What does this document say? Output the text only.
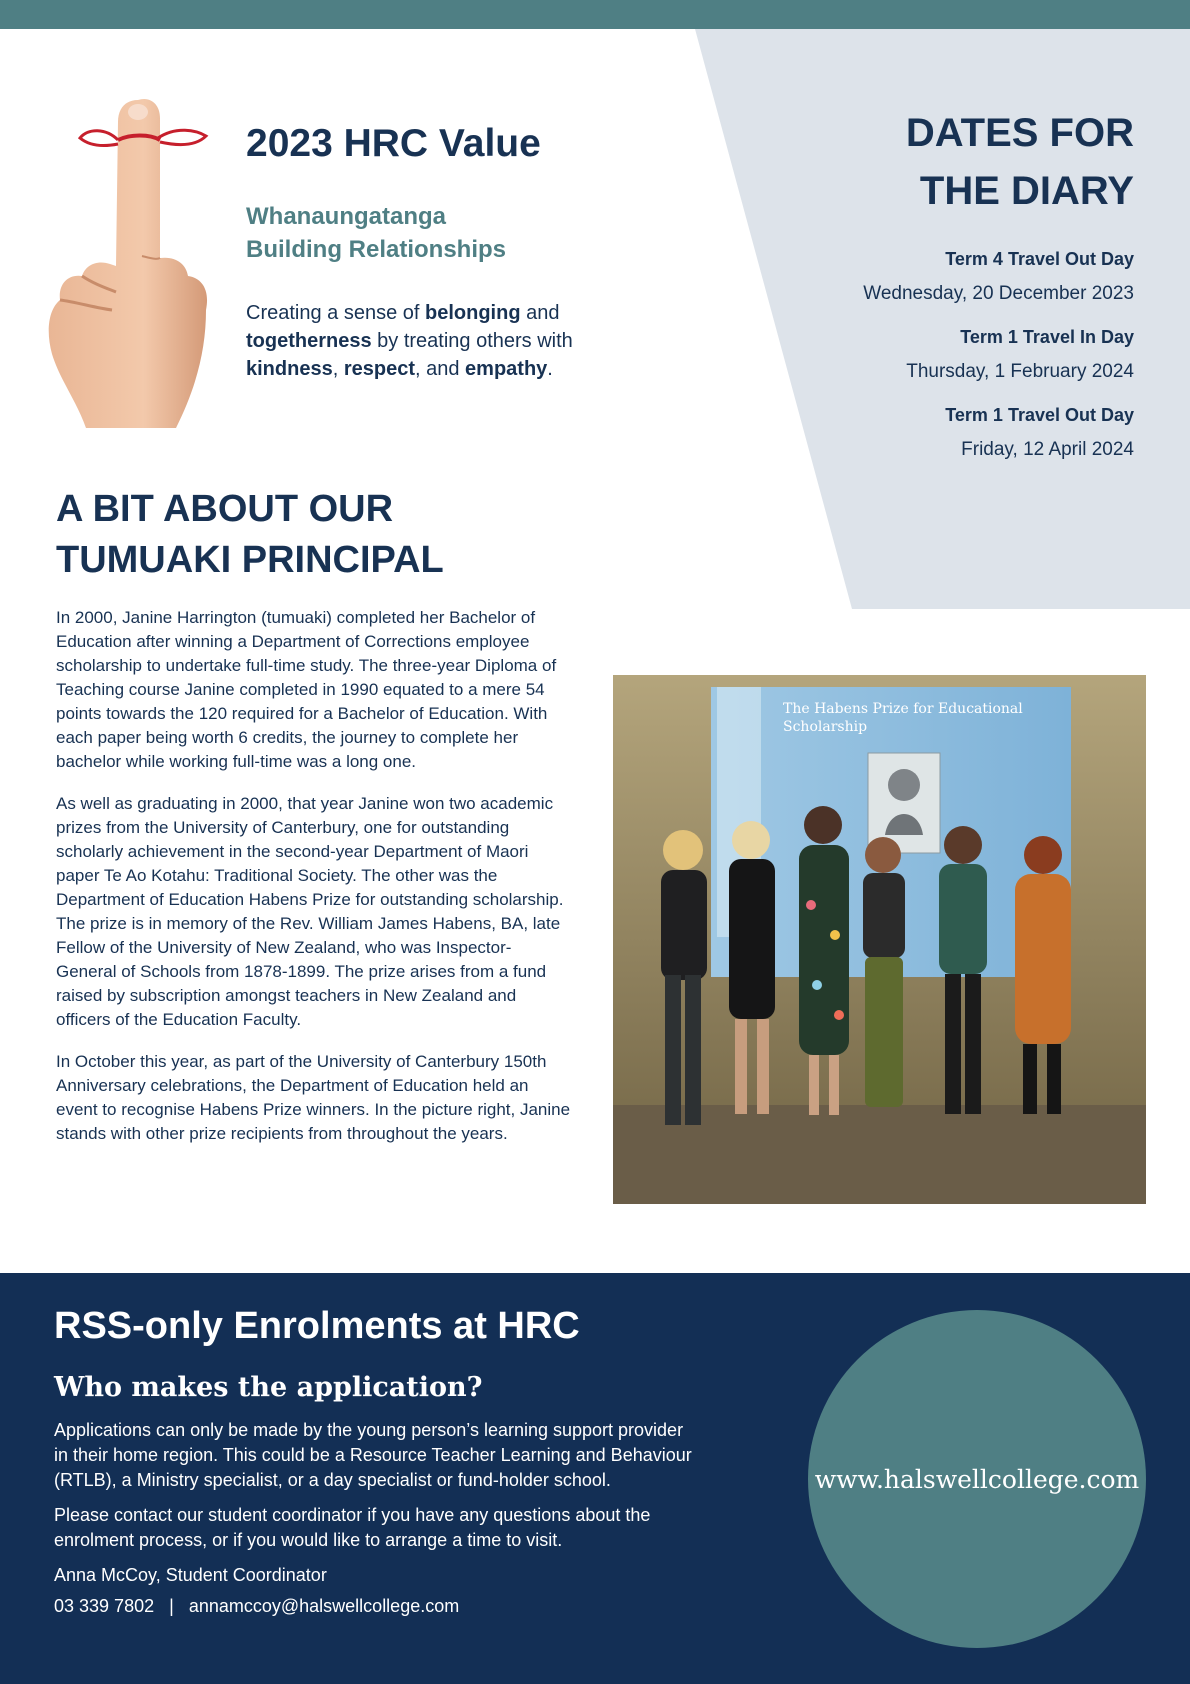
2023 HRC Value
Whanaungatanga
Building Relationships
Creating a sense of belonging and togetherness by treating others with kindness, respect, and empathy.
DATES FOR
THE DIARY
Term 4 Travel Out Day
Wednesday, 20 December 2023
Term 1 Travel In Day
Thursday, 1 February 2024
Term 1 Travel Out Day
Friday, 12 April 2024
A BIT ABOUT OUR
TUMUAKI PRINCIPAL

In 2000, Janine Harrington (tumuaki) completed her Bachelor of Education after winning a Department of Corrections employee scholarship to undertake full-time study. The three-year Diploma of Teaching course Janine completed in 1990 equated to a mere 54 points towards the 120 required for a Bachelor of Education. With each paper being worth 6 credits, the journey to complete her bachelor while working full-time was a long one.

As well as graduating in 2000, that year Janine won two academic prizes from the University of Canterbury, one for outstanding scholarly achievement in the second-year Department of Maori paper Te Ao Kotahu: Traditional Society. The other was the Department of Education Habens Prize for outstanding scholarship. The prize is in memory of the Rev. William James Habens, BA, late Fellow of the University of New Zealand, who was Inspector-General of Schools from 1878-1899. The prize arises from a fund raised by subscription amongst teachers in New Zealand and officers of the Education Faculty.

In October this year, as part of the University of Canterbury 150th Anniversary celebrations, the Department of Education held an event to recognise Habens Prize winners. In the picture right, Janine stands with other prize recipients from throughout the years.

The Habens Prize for Educational
Scholarship
RSS-only Enrolments at HRC
Who makes the application?

Applications can only be made by the young person’s learning support provider in their home region. This could be a Resource Teacher Learning and Behaviour (RTLB), a Ministry specialist, or a day specialist or fund-holder school.

Please contact our student coordinator if you have any questions about the enrolment process, or if you would like to arrange a time to visit.

Anna McCoy, Student Coordinator
03 339 7802 | annamccoy@halswellcollege.com
www.halswellcollege.com
